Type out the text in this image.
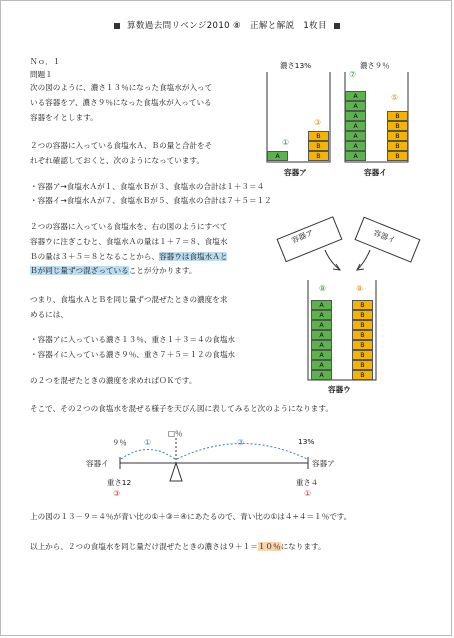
算数過去問リベンジ2010 ⑧　正解と解説　1枚目
Ｎｏ．１
問題１
次の図のように、濃さ１３％になった食塩水が入って
いる容器をア、濃さ９％になった食塩水が入っている
容器をイとします。
２つの容器に入っている食塩水Ａ、Ｂの量と合計をそ
れぞれ確認しておくと、次のようになっています。
・容器ア→食塩水Ａが１、食塩水Ｂが３、食塩水の合計は１＋３＝４
・容器イ→食塩水Ａが７、食塩水Ｂが５、食塩水の合計は７＋５＝１２
２つの容器に入っている食塩水を、右の図のようにすべて
容器ウに注ぎこむと、食塩水Ａの量は１＋７＝８、食塩水
Ｂの量は３＋５＝８となることから、容器ウは食塩水Ａと
Ｂが同じ量ずつ混ざっていることが分かります。
つまり、食塩水ＡとＢを同じ量ずつ混ぜたときの濃度を求
めるには、
・容器アに入っている濃さ１３％、重さ１＋３＝４の食塩水
・容器イに入っている濃さ９％、重さ７＋５＝１２の食塩水
の２つを混ぜたときの濃度を求めればＯＫです。
そこで、その２つの食塩水を混ぜる様子を天びん図に表してみると次のようになります。
上の図の１３－９＝４％が青い比の①＋③＝④にあたるので、青い比の①は４÷４＝１％です。
以上から、２つの食塩水を同じ量だけ混ぜたときの濃さは９＋１＝１０％になります。
濃さ13%	濃さ９％
A	B
B
B
①
③
容器ア
A
A
A
A
A
A
A
B
B
B
B
B
⑦
⑤
容器イ
容器ア	容器イ
⑧	⑧
A	B
A	B
A	B
A	B
A	B
A	B
A	B
A	B
容器ウ
９％
□％
13%
容器イ	容器ア
①	③
重さ12	重さ４
③	①
